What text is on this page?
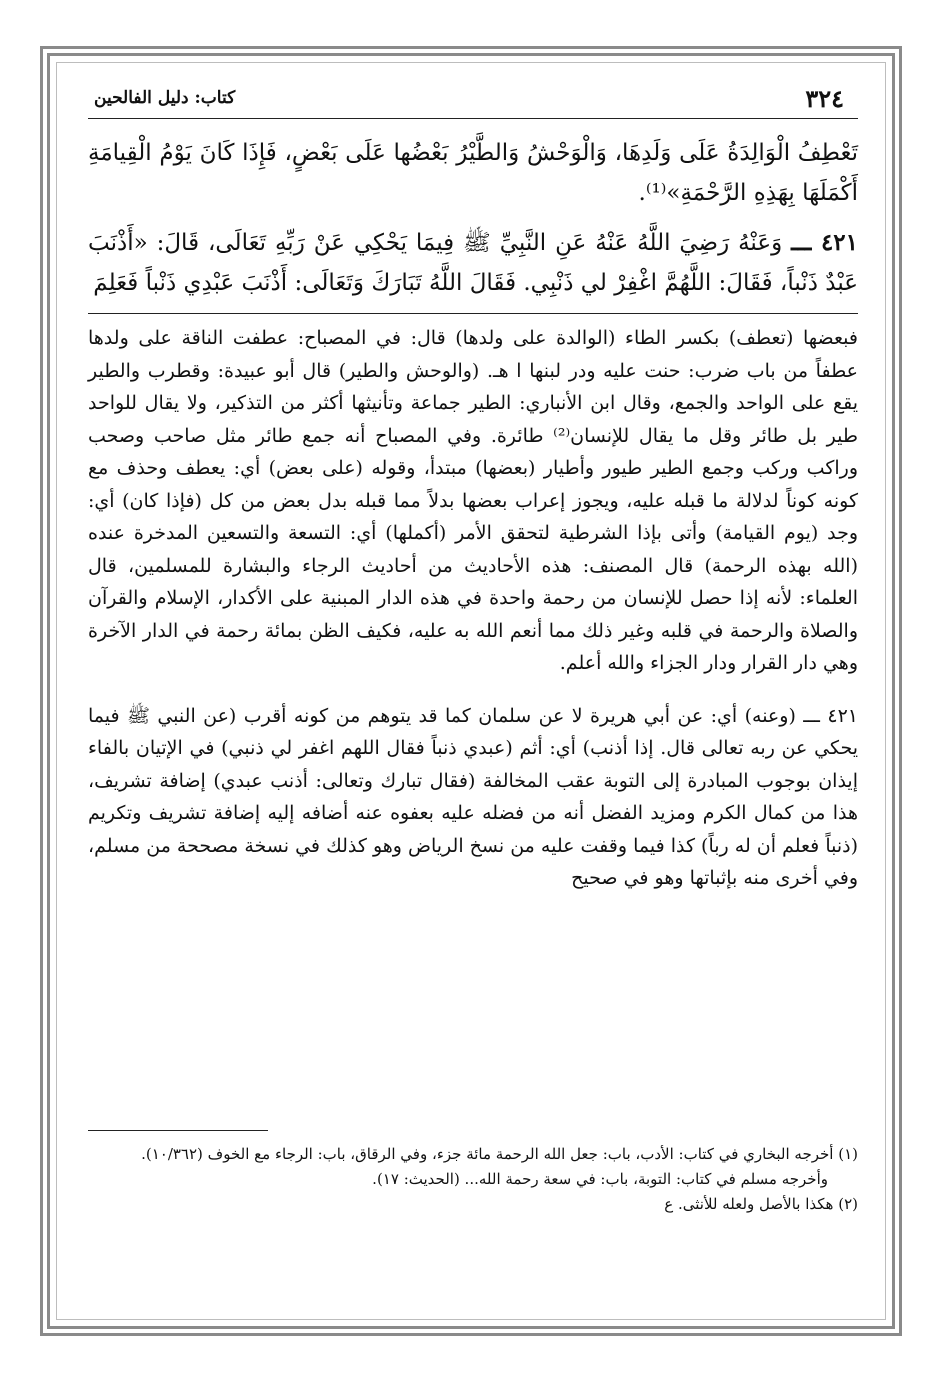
٣٢٤
كتاب: دليل الفالحين

تَعْطِفُ الْوَالِدَةُ عَلَى وَلَدِهَا، وَالْوَحْشُ وَالطَّيْرُ بَعْضُها عَلَى بَعْضٍ، فَإِذَا كَانَ يَوْمُ الْقِيامَةِ أَكْمَلَهَا بِهَذِهِ الرَّحْمَةِ»⁽¹⁾.

٤٢١ ـــ وَعَنْهُ رَضِيَ اللَّهُ عَنْهُ عَنِ النَّبِيِّ ﷺ فِيمَا يَحْكِي عَنْ رَبِّهِ تَعَالَى، قَالَ: «أَذْنَبَ عَبْدٌ ذَنْباً، فَقَالَ: اللَّهُمَّ اغْفِرْ لي ذَنْبِي. فَقَالَ اللَّهُ تَبَارَكَ وَتَعَالَى: أَذْنَبَ عَبْدِي ذَنْباً فَعَلِمَ

فبعضها (تعطف) بكسر الطاء (الوالدة على ولدها) قال: في المصباح: عطفت الناقة على ولدها عطفاً من باب ضرب: حنت عليه ودر لبنها ا هـ. (والوحش والطير) قال أبو عبيدة: وقطرب والطير يقع على الواحد والجمع، وقال ابن الأنباري: الطير جماعة وتأنيثها أكثر من التذكير، ولا يقال للواحد طير بل طائر وقل ما يقال للإنسان⁽²⁾ طائرة. وفي المصباح أنه جمع طائر مثل صاحب وصحب وراكب وركب وجمع الطير طيور وأطيار (بعضها) مبتدأ، وقوله (على بعض) أي: يعطف وحذف مع كونه كوناً لدلالة ما قبله عليه، ويجوز إعراب بعضها بدلاً مما قبله بدل بعض من كل (فإذا كان) أي: وجد (يوم القيامة) وأتى بإذا الشرطية لتحقق الأمر (أكملها) أي: التسعة والتسعين المدخرة عنده (الله بهذه الرحمة) قال المصنف: هذه الأحاديث من أحاديث الرجاء والبشارة للمسلمين، قال العلماء: لأنه إذا حصل للإنسان من رحمة واحدة في هذه الدار المبنية على الأكدار، الإسلام والقرآن والصلاة والرحمة في قلبه وغير ذلك مما أنعم الله به عليه، فكيف الظن بمائة رحمة في الدار الآخرة وهي دار القرار ودار الجزاء والله أعلم.

٤٢١ ـــ (وعنه) أي: عن أبي هريرة لا عن سلمان كما قد يتوهم من كونه أقرب (عن النبي ﷺ فيما يحكي عن ربه تعالى قال. إذا أذنب) أي: أثم (عبدي ذنباً فقال اللهم اغفر لي ذنبي) في الإتيان بالفاء إيذان بوجوب المبادرة إلى التوبة عقب المخالفة (فقال تبارك وتعالى: أذنب عبدي) إضافة تشريف، هذا من كمال الكرم ومزيد الفضل أنه من فضله عليه بعفوه عنه أضافه إليه إضافة تشريف وتكريم (ذنباً فعلم أن له رباً) كذا فيما وقفت عليه من نسخ الرياض وهو كذلك في نسخة مصححة من مسلم، وفي أخرى منه بإثباتها وهو في صحيح

(١) أخرجه البخاري في كتاب: الأدب، باب: جعل الله الرحمة مائة جزء، وفي الرقاق، باب: الرجاء مع الخوف (١٠/٣٦٢).

وأخرجه مسلم في كتاب: التوبة، باب: في سعة رحمة الله... (الحديث: ١٧).

(٢) هكذا بالأصل ولعله للأنثى. ع
